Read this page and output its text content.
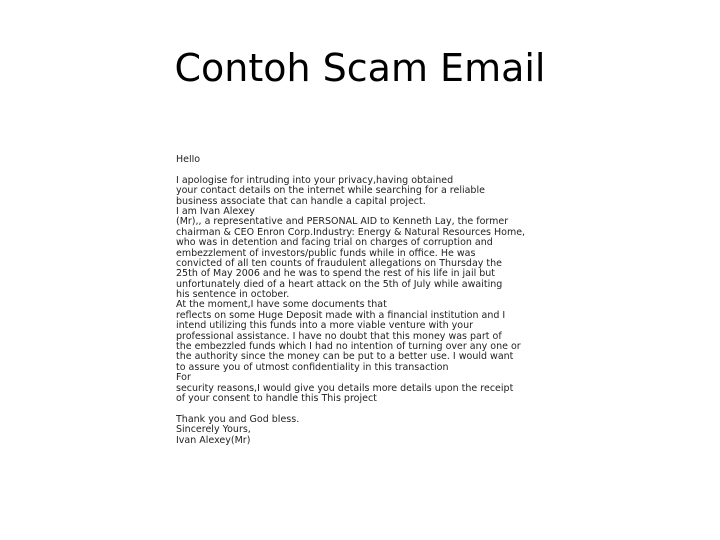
Contoh Scam Email
Hello
I apologise for intruding into your privacy,having obtained
your contact details on the internet while searching for a reliable
business associate that can handle a capital project.
I am Ivan Alexey
(Mr),, a representative and PERSONAL AID to Kenneth Lay, the former
chairman & CEO Enron Corp.Industry: Energy & Natural Resources Home,
who was in detention and facing trial on charges of corruption and
embezzlement of investors/public funds while in office. He was
convicted of all ten counts of fraudulent allegations on Thursday the
25th of May 2006 and he was to spend the rest of his life in jail but
unfortunately died of a heart attack on the 5th of July while awaiting
his sentence in october.
At the moment,I have some documents that
reflects on some Huge Deposit made with a financial institution and I
intend utilizing this funds into a more viable venture with your
professional assistance. I have no doubt that this money was part of
the embezzled funds which I had no intention of turning over any one or
the authority since the money can be put to a better use. I would want
to assure you of utmost confidentiality in this transaction
For
security reasons,I would give you details more details upon the receipt
of your consent to handle this This project
Thank you and God bless.
Sincerely Yours,
Ivan Alexey(Mr)
